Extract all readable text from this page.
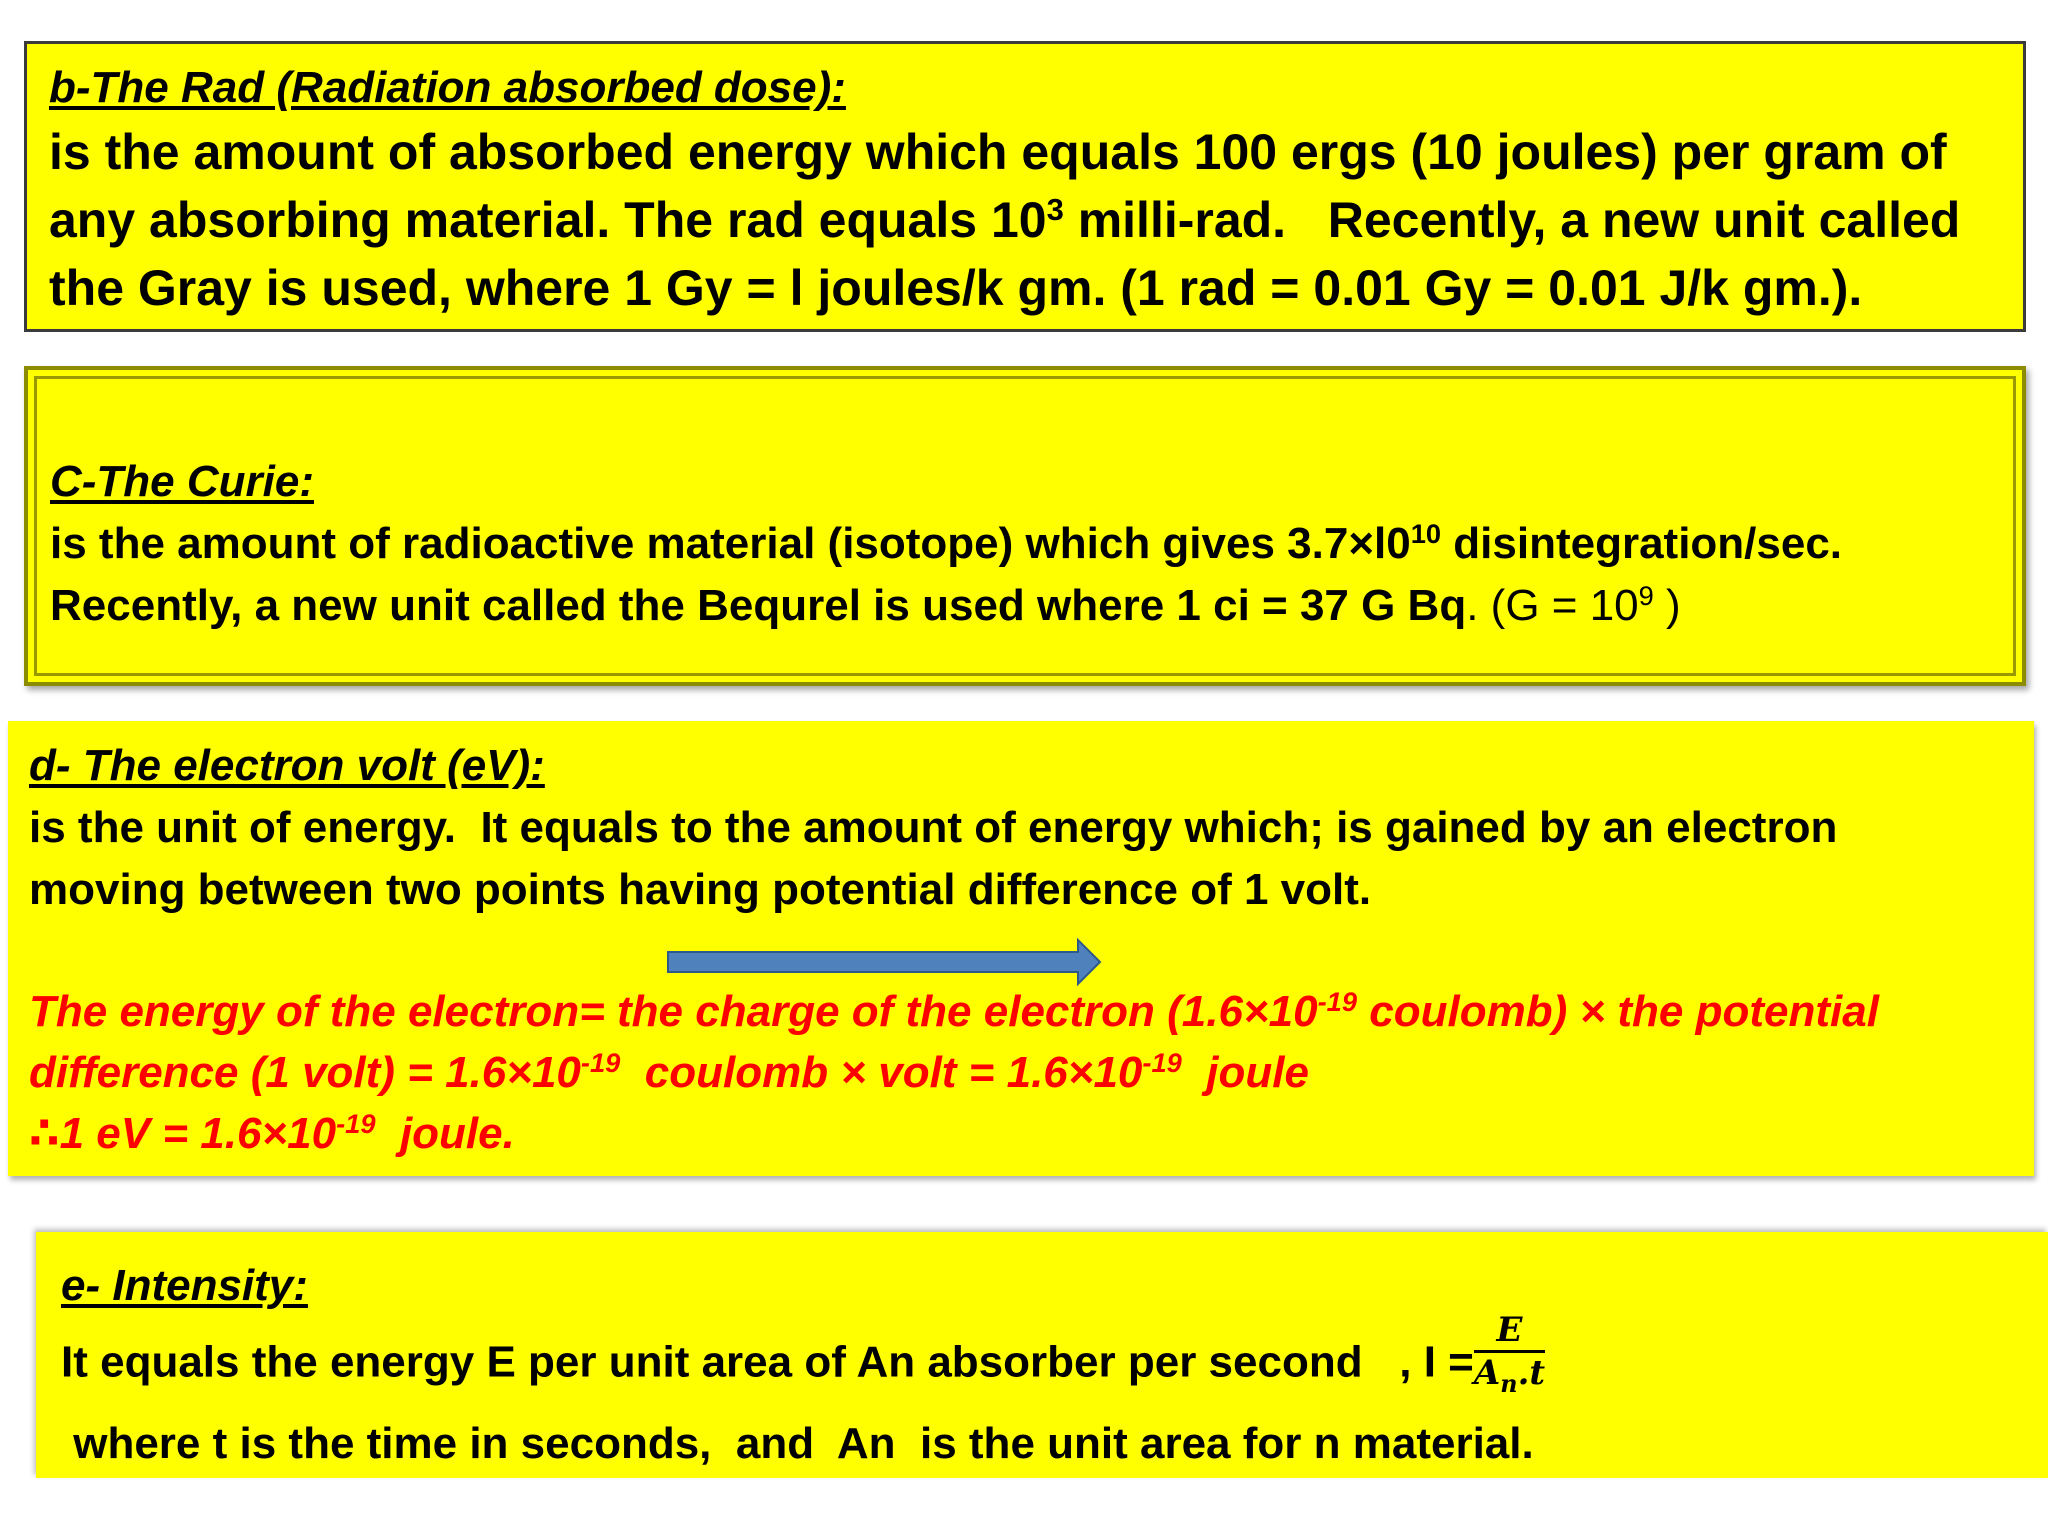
b-The Rad (Radiation absorbed dose):
is the amount of absorbed energy which equals 100 ergs (10 joules) per gram of
any absorbing material. The rad equals $10^3$ milli-rad.   Recently, a new unit called
the Gray is used, where 1 Gy = l joules/k gm. (1 rad = 0.01 Gy = 0.01 J/k gm.).
C-The Curie:
is the amount of radioactive material (isotope) which gives $3.7\times l0^{10}$ disintegration/sec.
Recently, a new unit called the Bequrel is used where 1 ci = 37 G Bq. ($G = 10^9$ )
d- The electron volt (eV):
is the unit of energy.  It equals to the amount of energy which; is gained by an electron
moving between two points having potential difference of 1 volt.
The energy of the electron= the charge of the electron ($1.6\times 10^{-19}$ coulomb) × the potential
difference (1 volt) = $1.6\times 10^{-19}$  coulomb × volt = $1.6\times 10^{-19}$  joule
∴1 eV = $1.6\times 10^{-19}$  joule.
e- Intensity:
It equals the energy E per unit area of An absorber per second   , $I = \frac{E}{A_n.t}$
where t is the time in seconds,  and  An  is the unit area for n material.
